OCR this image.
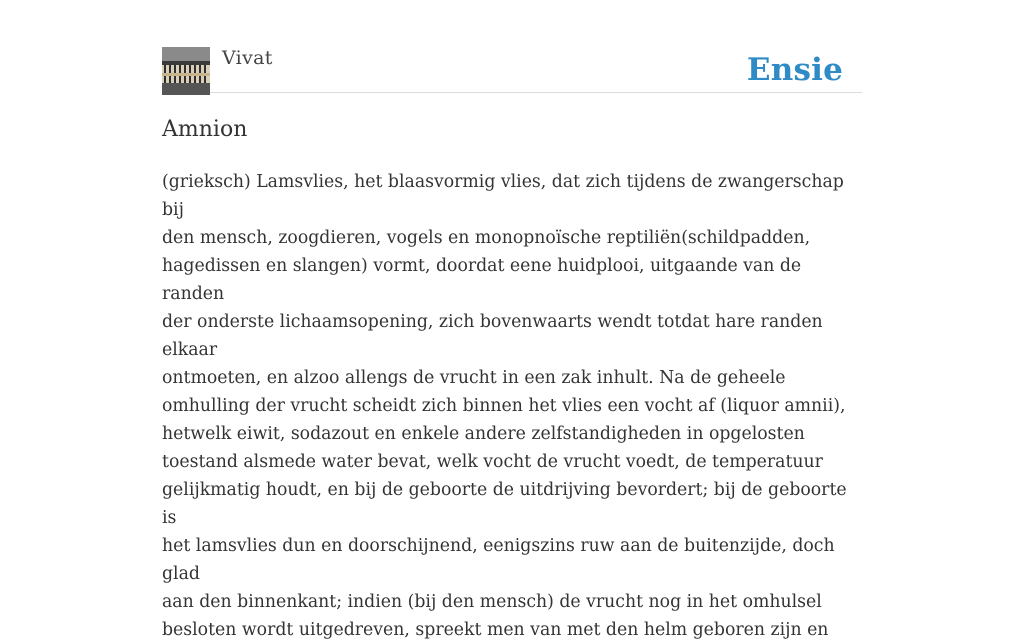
Vivat	Ensie
Amnion

(grieksch) Lamsvlies, het blaasvormig vlies, dat zich tijdens de zwangerschap bij
den mensch, zoogdieren, vogels en monopnoïsche reptiliën(schildpadden,
hagedissen en slangen) vormt, doordat eene huidplooi, uitgaande van de randen
der onderste lichaamsopening, zich bovenwaarts wendt totdat hare randen elkaar
ontmoeten, en alzoo allengs de vrucht in een zak inhult. Na de geheele
omhulling der vrucht scheidt zich binnen het vlies een vocht af (liquor amnii),
hetwelk eiwit, sodazout en enkele andere zelfstandigheden in opgelosten
toestand alsmede water bevat, welk vocht de vrucht voedt, de temperatuur
gelijkmatig houdt, en bij de geboorte de uitdrijving bevordert; bij de geboorte is
het lamsvlies dun en doorschijnend, eenigszins ruw aan de buitenzijde, doch glad
aan den binnenkant; indien (bij den mensch) de vrucht nog in het omhulsel
besloten wordt uitgedreven, spreekt men van met den helm geboren zijn en
